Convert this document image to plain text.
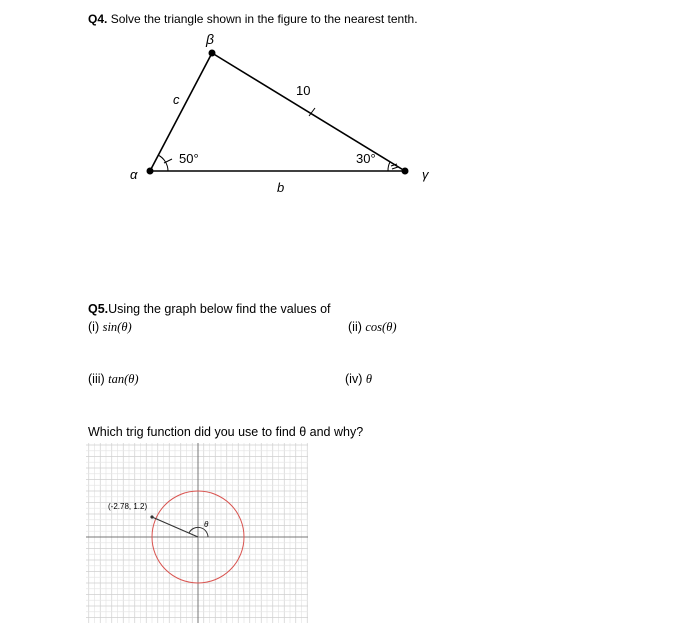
Q4. Solve the triangle shown in the figure to the nearest tenth.
β
α	γ
c
10
b
50°	30°
Q5.Using the graph below find the values of
(i) sin(θ)	(ii) cos(θ)
(iii) tan(θ)	(iv) θ
Which trig function did you use to find θ and why?
θ
(-2.78, 1.2)
